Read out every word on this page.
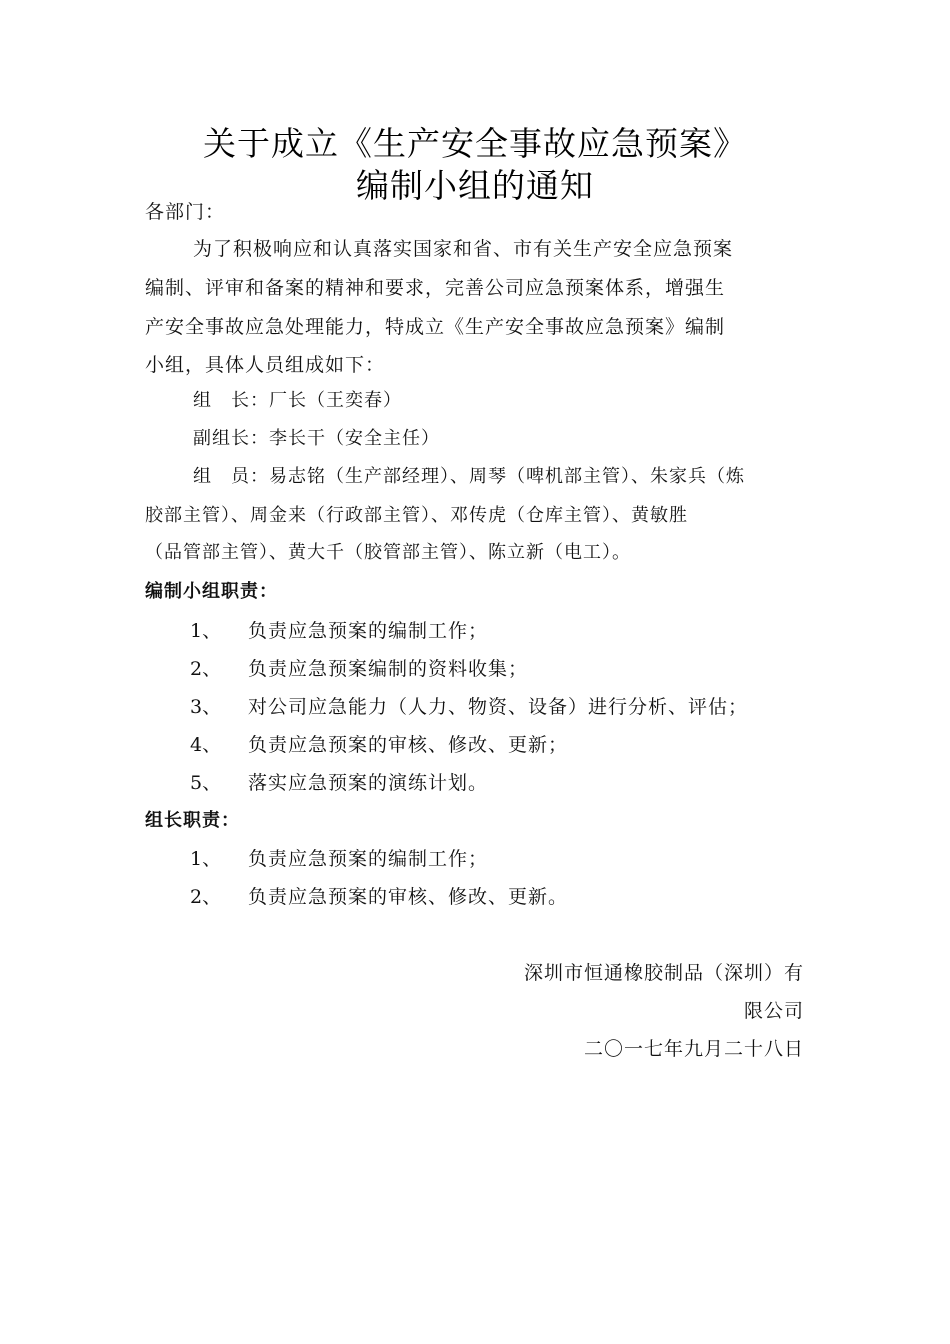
关于成立《生产安全事故应急预案》
编制小组的通知
各部门：
为了积极响应和认真落实国家和省、市有关生产安全应急预案
编制、评审和备案的精神和要求，完善公司应急预案体系，增强生
产安全事故应急处理能力，特成立《生产安全事故应急预案》编制
小组，具体人员组成如下：
组　长：厂长（王奕春）
副组长：李长干（安全主任）
组　员：易志铭（生产部经理）、周琴（啤机部主管）、朱家兵（炼
胶部主管）、周金来（行政部主管）、邓传虎（仓库主管）、黄敏胜
（品管部主管）、黄大千（胶管部主管）、陈立新（电工）。
编制小组职责：
1、 负责应急预案的编制工作；
2、 负责应急预案编制的资料收集；
3、 对公司应急能力（人力、物资、设备）进行分析、评估；
4、 负责应急预案的审核、修改、更新；
5、 落实应急预案的演练计划。
组长职责：
1、 负责应急预案的编制工作；
2、 负责应急预案的审核、修改、更新。
深圳市恒通橡胶制品（深圳）有
限公司
二〇一七年九月二十八日
